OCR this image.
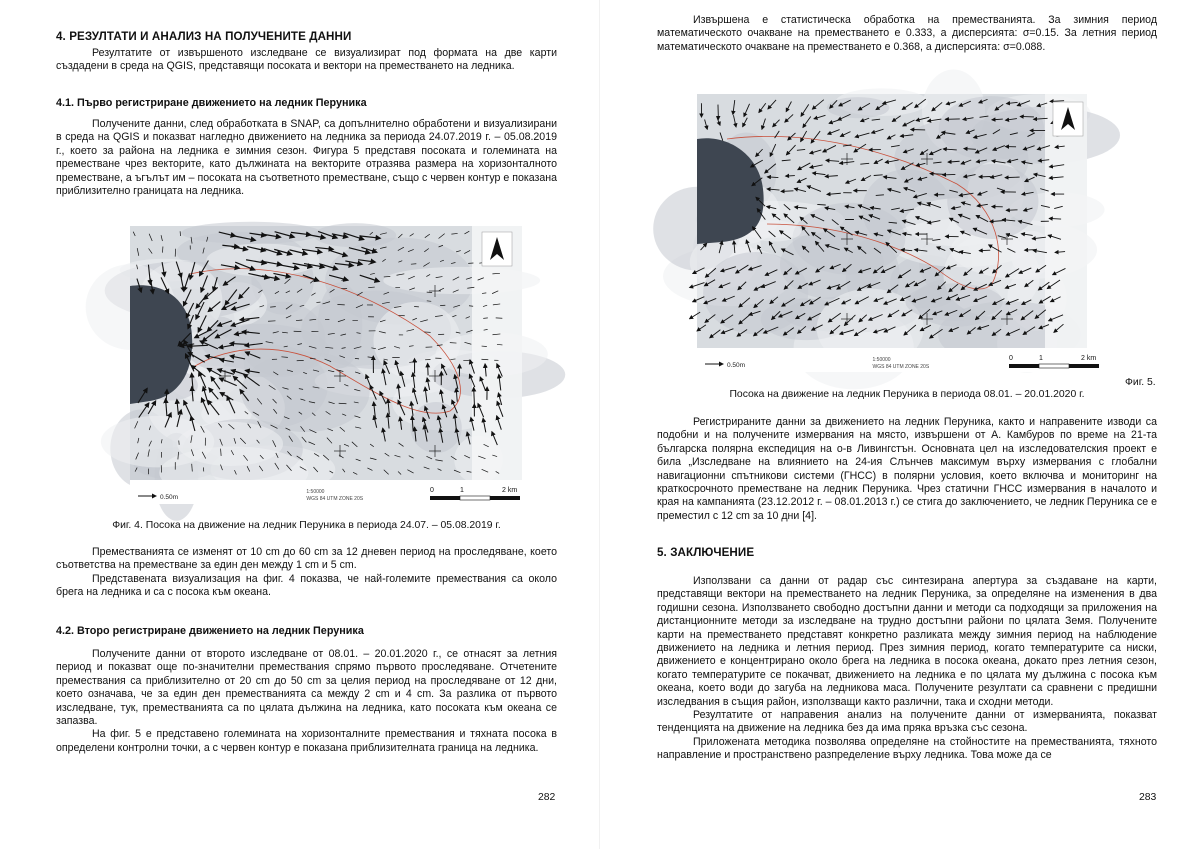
4. РЕЗУЛТАТИ И АНАЛИЗ НА ПОЛУЧЕНИТЕ ДАННИ

Резултатите от извършеното изследване се визуализират под формата на две карти създадени в среда на QGIS, представящи посоката и вектори на преместването на ледника.

4.1. Първо регистриране движението на ледник Перуника

Получените данни, след обработката в SNAP, са допълнително обработени и визуализирани в среда на QGIS и показват нагледно движението на ледника за периода 24.07.2019 г. – 05.08.2019 г., което за района на ледника е зимния сезон. Фигура 5 представя посоката и големината на преместване чрез векторите, като дължината на векторите отразява размера на хоризонталното преместване, а ъгълът им – посоката на съответното преместване, също с червен контур е показана приблизително границата на ледника.

0.50m
1:50000
WGS 84 UTM ZONE 20S
0	1	2 km
Фиг. 4. Посока на движение на ледник Перуника в периода 24.07. – 05.08.2019 г.

Преместванията се изменят от 10 cm до 60 cm за 12 дневен период на проследяване, което съответства на преместване за един ден между 1 cm и 5 cm.

Представената визуализация на фиг. 4 показва, че най-големите премествания са около брега на ледника и са с посока към океана.

4.2. Второ регистриране движението на ледник Перуника

Получените данни от второто изследване от 08.01. – 20.01.2020 г., се отнасят за летния период и показват още по-значителни премествания спрямо първото проследяване. Отчетените премествания са приблизително от 20 cm до 50 cm за целия период на проследяване от 12 дни, което означава, че за един ден преместванията са между 2 cm и 4 cm. За разлика от първото изследване, тук, преместванията са по цялата дължина на ледника, като посоката към океана се запазва.

На фиг. 5 е представено големината на хоризонталните премествания и тяхната посока в определени контролни точки, а с червен контур е показана приблизителната граница на ледника.

282

Извършена е статистическа обработка на преместванията. За зимния период математическото очакване на преместването е 0.333, а дисперсията: σ=0.15. За летния период математическото очакване на преместването е 0.368, а дисперсията: σ=0.088.

0.50m
1:50000
WGS 84 UTM ZONE 20S
0	1	2 km
Фиг. 5.
Посока на движение на ледник Перуника в периода 08.01. – 20.01.2020 г.

Регистрираните данни за движението на ледник Перуника, както и направените изводи са подобни и на получените измервания на място, извършени от А. Камбуров по време на 21-та българска полярна експедиция на о-в Ливингстън. Основната цел на изследователския проект е била „Изследване на влиянието на 24-ия Слънчев максимум върху измервания с глобални навигационни спътникови системи (ГНСС) в полярни условия, което включва и мониторинг на краткосрочното преместване на ледник Перуника. Чрез статични ГНСС измервания в началото и края на кампанията (23.12.2012 г. – 08.01.2013 г.) се стига до заключението, че ледник Перуника се е преместил с 12 cm за 10 дни [4].

5. ЗАКЛЮЧЕНИЕ

Използвани са данни от радар със синтезирана апертура за създаване на карти, представящи вектори на преместването на ледник Перуника, за определяне на изменения в два годишни сезона. Използването свободно достъпни данни и методи са подходящи за приложения на дистанционните методи за изследване на трудно достъпни райони по цялата Земя. Получените карти на преместването представят конкретно разликата между зимния период на наблюдение движението на ледника и летния период. През зимния период, когато температурите са ниски, движението е концентрирано около брега на ледника в посока океана, докато през летния сезон, когато температурите се покачват, движението на ледника е по цялата му дължина с посока към океана, което води до загуба на ледникова маса. Получените резултати са сравнени с предишни изследвания в същия район, използващи както различни, така и сходни методи.

Резултатите от направения анализ на получените данни от измерванията, показват тенденцията на движение на ледника без да има пряка връзка със сезона.

Приложената методика позволява определяне на стойностите на преместванията, тяхното направление и пространствено разпределение върху ледника. Това може да се

283
